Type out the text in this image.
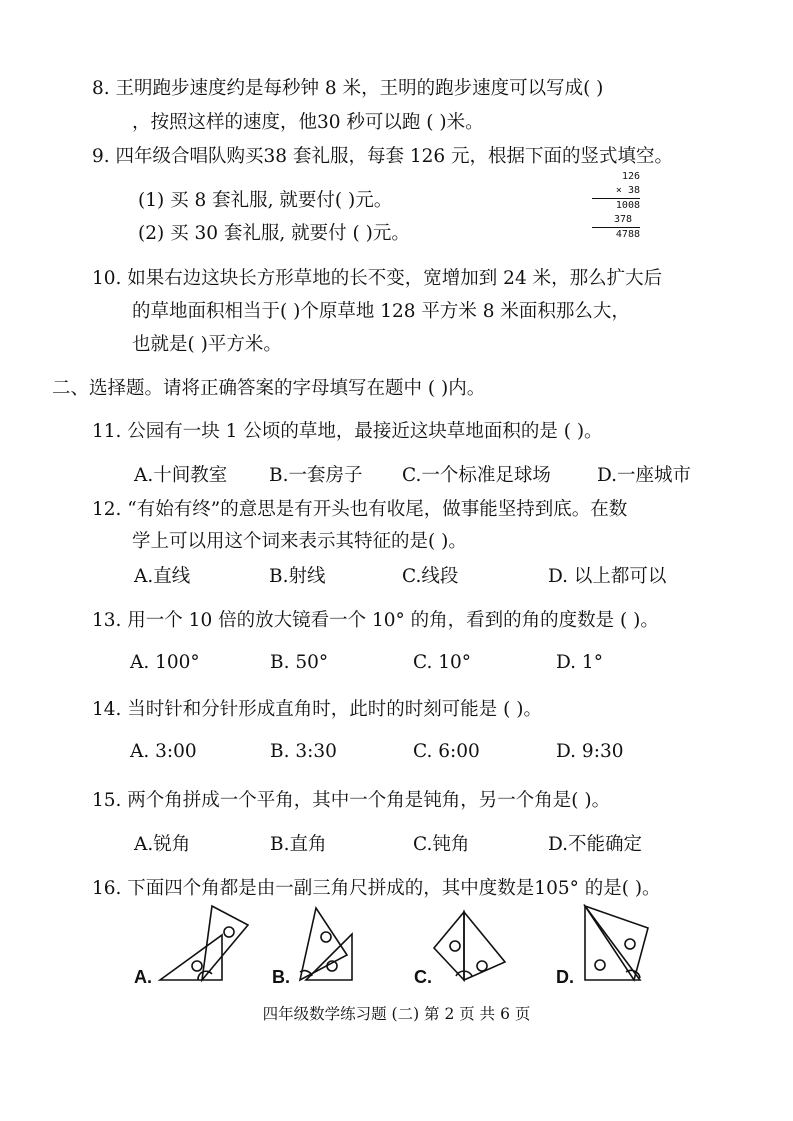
8. 王明跑步速度约是每秒钟 8 米，王明的跑步速度可以写成( )
，按照这样的速度，他30 秒可以跑 ( )米。
9. 四年级合唱队购买38 套礼服，每套 126 元，根据下面的竖式填空。
(1) 买 8 套礼服, 就要付( )元。
(2) 买 30 套礼服, 就要付 ( )元。
126
× 38
1008
378
4788
10. 如果右边这块长方形草地的长不变，宽增加到 24 米，那么扩大后
的草地面积相当于( )个原草地 128 平方米 8 米面积那么大，
也就是( )平方米。
二、选择题。请将正确答案的字母填写在题中 ( )内。
11. 公园有一块 1 公顷的草地，最接近这块草地面积的是 ( )。
A.十间教室 B.一套房子 C.一个标准足球场 D.一座城市
12. “有始有终”的意思是有开头也有收尾，做事能坚持到底。在数
学上可以用这个词来表示其特征的是( )。
A.直线	B.射线	C.线段	D. 以上都可以
13. 用一个 10 倍的放大镜看一个 10° 的角，看到的角的度数是 ( )。
A. 100°	B. 50°	C. 10°	D. 1°
14. 当时针和分针形成直角时，此时的时刻可能是 ( )。
A. 3:00	B. 3:30	C. 6:00	D. 9:30
15. 两个角拼成一个平角，其中一个角是钝角，另一个角是( )。
A.锐角	B.直角	C.钝角	D.不能确定
16. 下面四个角都是由一副三角尺拼成的，其中度数是105° 的是( )。
A.	B.	C.	D.
四年级数学练习题 (二) 第 2 页 共 6 页
